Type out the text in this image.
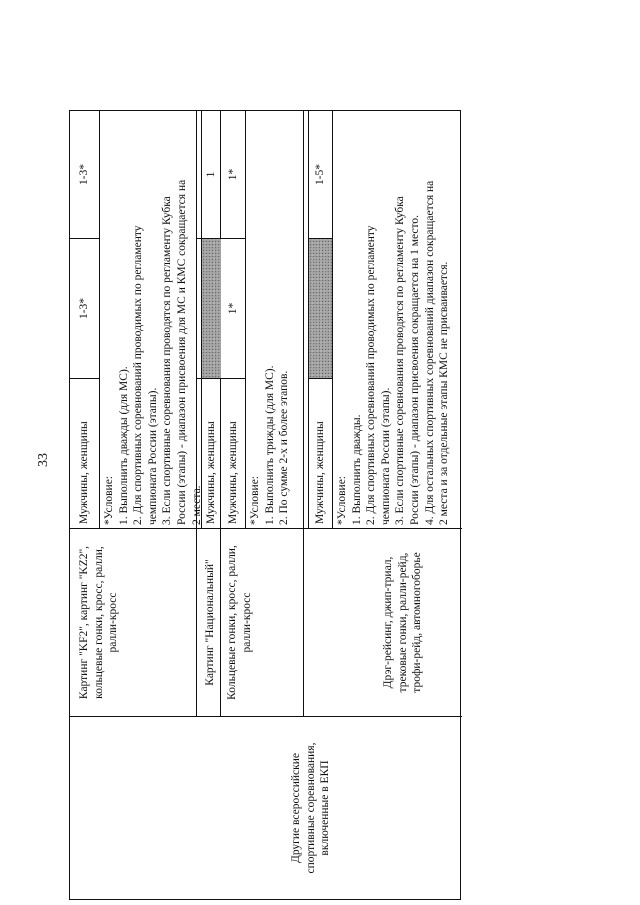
33
Другие всероссийские спортивные соревнования, включенные в ЕКП
Картинг "KF2", картинг "KZ2", кольцевые гонки, кросс, ралли, ралли-кросс
Мужчины, женщины
1-3*
1-3*
*Условие: 1. Выполнить дважды (для МС). 2. Для спортивных соревнований проводимых по регламенту чемпионата России (этапы). 3. Если спортивные соревнования проводятся по регламенту Кубка России (этапы) - диапазон присвоения для МС и КМС сокращается на 2 места.
Картинг "Национальный"
Мужчины, женщины
1
Кольцевые гонки, кросс, ралли, ралли-кросс
Мужчины, женщины
1*
1*
*Условие: 1. Выполнить трижды (для МС). 2. По сумме 2-х и более этапов.
Дрэг-рейсинг, джип-триал, трековые гонки, ралли-рейд, трофи-рейд, автомногоборье
Мужчины, женщины
1-5*
*Условие: 1. Выполнить дважды. 2. Для спортивных соревнований проводимых по регламенту чемпионата России (этапы). 3. Если спортивные соревнования проводятся по регламенту Кубка России (этапы) - диапазон присвоения сокращается на 1 место. 4. Для остальных спортивных соревнований диапазон сокращается на 2 места и за отдельные этапы КМС не присваивается.
